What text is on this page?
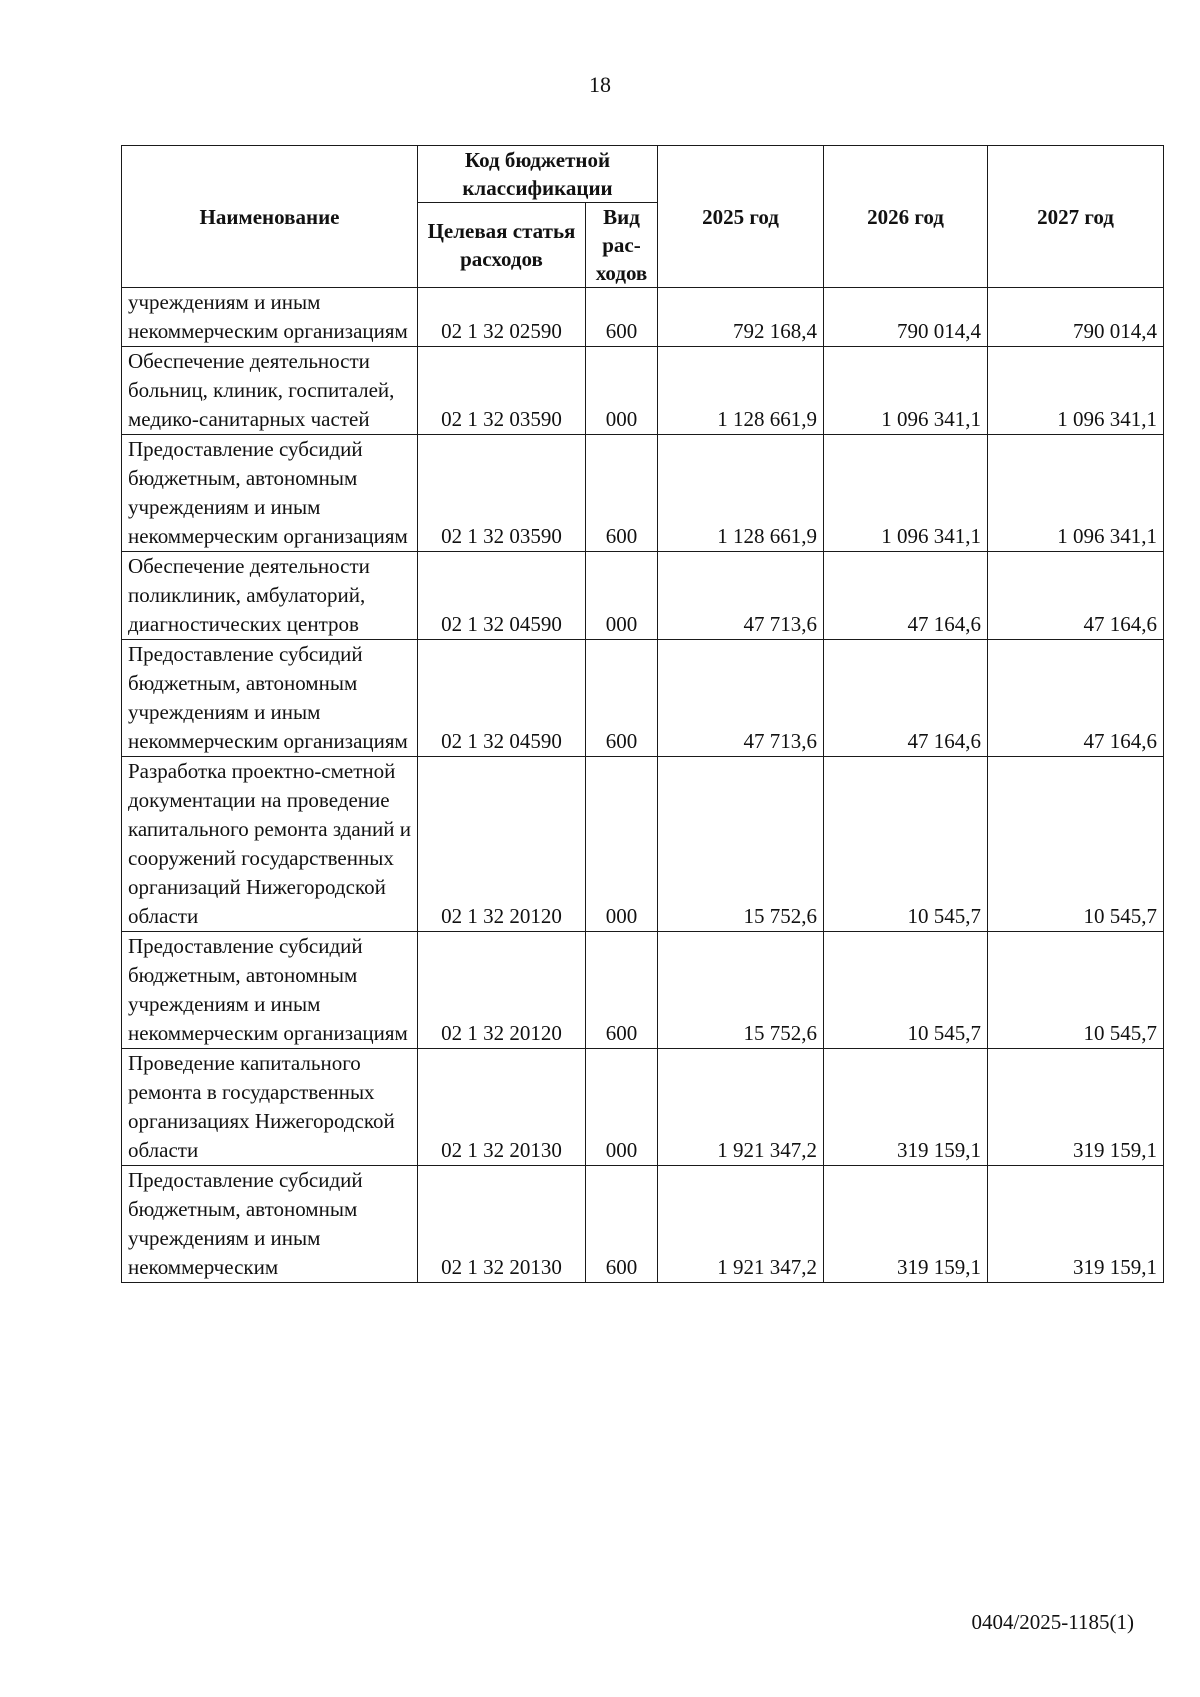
18
Наименование	Код бюджетной классификации		2025 год	2026 год	2027 год
	Целевая статья расходов	Вид рас-ходов			
учреждениям и иным некоммерческим организациям	02 1 32 02590	600	792 168,4	790 014,4	790 014,4
Обеспечение деятельности больниц, клиник, госпиталей, медико-санитарных частей	02 1 32 03590	000	1 128 661,9	1 096 341,1	1 096 341,1
Предоставление субсидий бюджетным, автономным учреждениям и иным некоммерческим организациям	02 1 32 03590	600	1 128 661,9	1 096 341,1	1 096 341,1
Обеспечение деятельности поликлиник, амбулаторий, диагностических центров	02 1 32 04590	000	47 713,6	47 164,6	47 164,6
Предоставление субсидий бюджетным, автономным учреждениям и иным некоммерческим организациям	02 1 32 04590	600	47 713,6	47 164,6	47 164,6
Разработка проектно-сметной документации на проведение капитального ремонта зданий и сооружений государственных организаций Нижегородской области	02 1 32 20120	000	15 752,6	10 545,7	10 545,7
Предоставление субсидий бюджетным, автономным учреждениям и иным некоммерческим организациям	02 1 32 20120	600	15 752,6	10 545,7	10 545,7
Проведение капитального ремонта в государственных организациях Нижегородской области	02 1 32 20130	000	1 921 347,2	319 159,1	319 159,1
Предоставление субсидий бюджетным, автономным учреждениям и иным некоммерческим	02 1 32 20130	600	1 921 347,2	319 159,1	319 159,1
0404/2025-1185(1)
